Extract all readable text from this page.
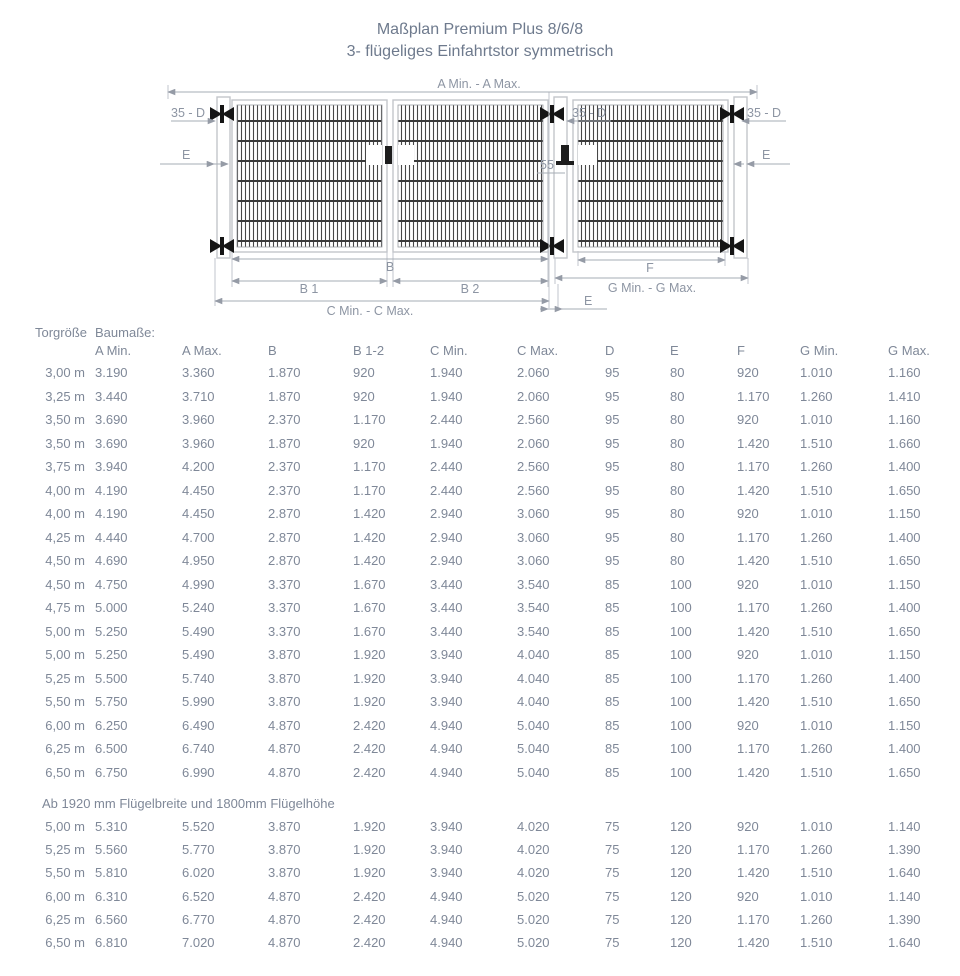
Maßplan Premium Plus 8/6/8
3- flügeliges Einfahrtstor symmetrisch
A Min. - A Max.
35 - D	35 - D	35 - D
E	E
55
B
B 1	B 2
C Min. - C Max.
F
G Min. - G Max.
E
Torgröße Baumaße:
A Min.	A Max.	B	B 1-2	C Min.	C Max.	D	E	F	G Min.	G Max.
3,00 m 3.190	3.360	1.870	920	1.940	2.060	95	80	920	1.010	1.160
3,25 m 3.440	3.710	1.870	920	1.940	2.060	95	80	1.170	1.260	1.410
3,50 m 3.690	3.960	2.370	1.170	2.440	2.560	95	80	920	1.010	1.160
3,50 m 3.690	3.960	1.870	920	1.940	2.060	95	80	1.420	1.510	1.660
3,75 m 3.940	4.200	2.370	1.170	2.440	2.560	95	80	1.170	1.260	1.400
4,00 m 4.190	4.450	2.370	1.170	2.440	2.560	95	80	1.420	1.510	1.650
4,00 m 4.190	4.450	2.870	1.420	2.940	3.060	95	80	920	1.010	1.150
4,25 m 4.440	4.700	2.870	1.420	2.940	3.060	95	80	1.170	1.260	1.400
4,50 m 4.690	4.950	2.870	1.420	2.940	3.060	95	80	1.420	1.510	1.650
4,50 m 4.750	4.990	3.370	1.670	3.440	3.540	85	100	920	1.010	1.150
4,75 m 5.000	5.240	3.370	1.670	3.440	3.540	85	100	1.170	1.260	1.400
5,00 m 5.250	5.490	3.370	1.670	3.440	3.540	85	100	1.420	1.510	1.650
5,00 m 5.250	5.490	3.870	1.920	3.940	4.040	85	100	920	1.010	1.150
5,25 m 5.500	5.740	3.870	1.920	3.940	4.040	85	100	1.170	1.260	1.400
5,50 m 5.750	5.990	3.870	1.920	3.940	4.040	85	100	1.420	1.510	1.650
6,00 m 6.250	6.490	4.870	2.420	4.940	5.040	85	100	920	1.010	1.150
6,25 m 6.500	6.740	4.870	2.420	4.940	5.040	85	100	1.170	1.260	1.400
6,50 m 6.750	6.990	4.870	2.420	4.940	5.040	85	100	1.420	1.510	1.650
Ab 1920 mm Flügelbreite und 1800mm Flügelhöhe
5,00 m 5.310	5.520	3.870	1.920	3.940	4.020	75	120	920	1.010	1.140
5,25 m 5.560	5.770	3.870	1.920	3.940	4.020	75	120	1.170	1.260	1.390
5,50 m 5.810	6.020	3.870	1.920	3.940	4.020	75	120	1.420	1.510	1.640
6,00 m 6.310	6.520	4.870	2.420	4.940	5.020	75	120	920	1.010	1.140
6,25 m 6.560	6.770	4.870	2.420	4.940	5.020	75	120	1.170	1.260	1.390
6,50 m 6.810	7.020	4.870	2.420	4.940	5.020	75	120	1.420	1.510	1.640
